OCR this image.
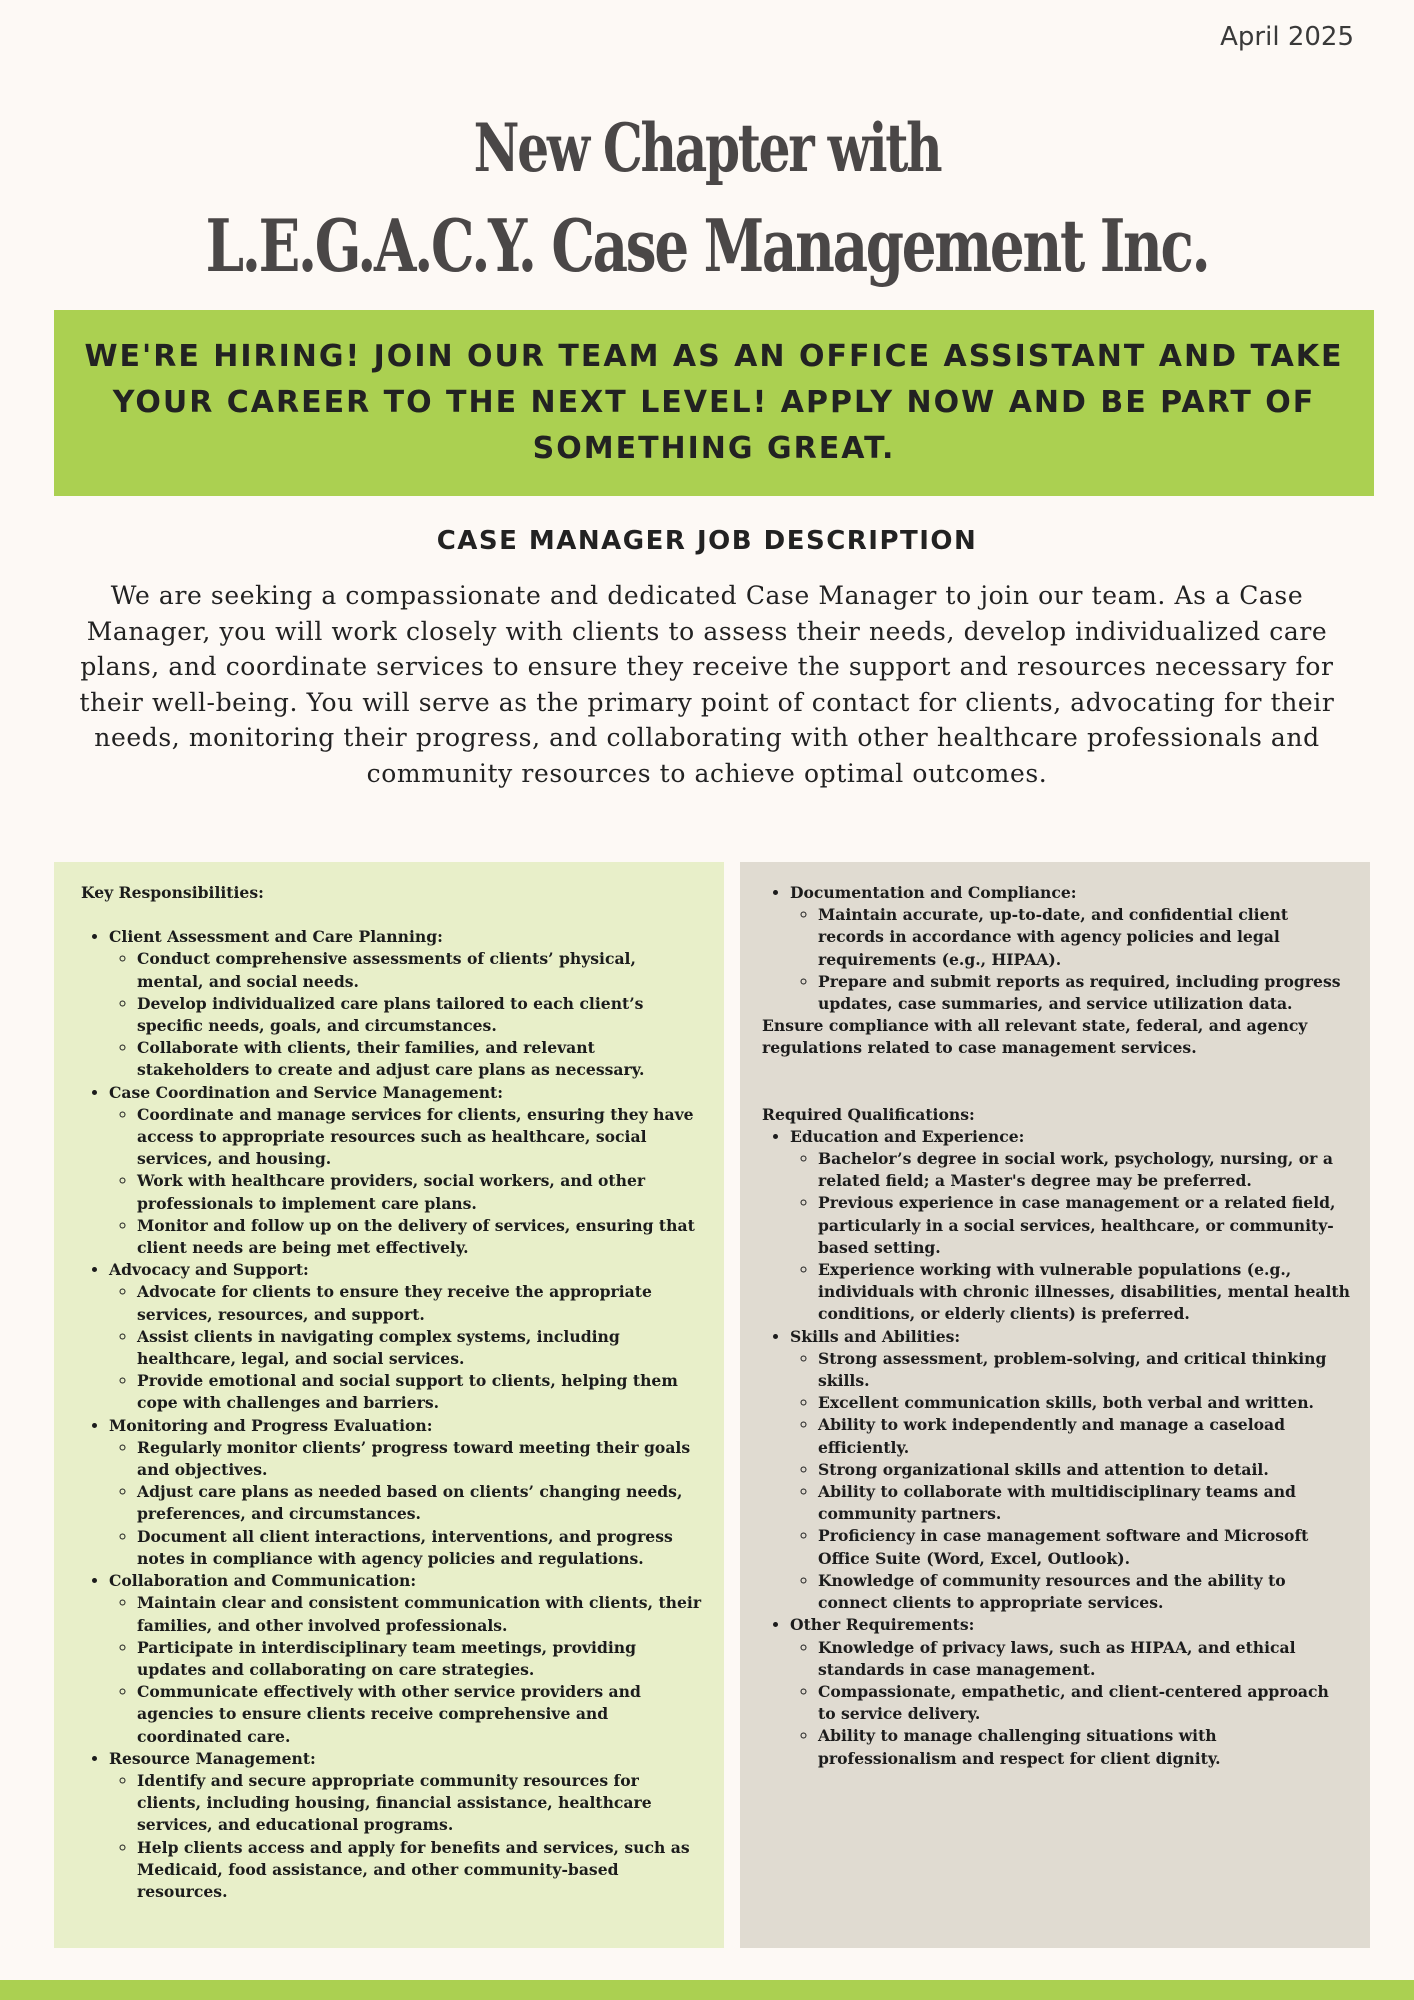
April 2025
New Chapter with
L.E.G.A.C.Y. Case Management Inc.

WE'RE HIRING! JOIN OUR TEAM AS AN OFFICE ASSISTANT AND TAKE YOUR CAREER TO THE NEXT LEVEL! APPLY NOW AND BE PART OF SOMETHING GREAT.

CASE MANAGER JOB DESCRIPTION

We are seeking a compassionate and dedicated Case Manager to join our team. As a Case Manager, you will work closely with clients to assess their needs, develop individualized care plans, and coordinate services to ensure they receive the support and resources necessary for their well-being. You will serve as the primary point of contact for clients, advocating for their needs, monitoring their progress, and collaborating with other healthcare professionals and community resources to achieve optimal outcomes.

Key Responsibilities:

• Client Assessment and Care Planning:
◦ Conduct comprehensive assessments of clients’ physical, mental, and social needs.
◦ Develop individualized care plans tailored to each client’s specific needs, goals, and circumstances.
◦ Collaborate with clients, their families, and relevant stakeholders to create and adjust care plans as necessary.
• Case Coordination and Service Management:
◦ Coordinate and manage services for clients, ensuring they have access to appropriate resources such as healthcare, social services, and housing.
◦ Work with healthcare providers, social workers, and other professionals to implement care plans.
◦ Monitor and follow up on the delivery of services, ensuring that client needs are being met effectively.
• Advocacy and Support:
◦ Advocate for clients to ensure they receive the appropriate services, resources, and support.
◦ Assist clients in navigating complex systems, including healthcare, legal, and social services.
◦ Provide emotional and social support to clients, helping them cope with challenges and barriers.
• Monitoring and Progress Evaluation:
◦ Regularly monitor clients’ progress toward meeting their goals and objectives.
◦ Adjust care plans as needed based on clients’ changing needs, preferences, and circumstances.
◦ Document all client interactions, interventions, and progress notes in compliance with agency policies and regulations.
• Collaboration and Communication:
◦ Maintain clear and consistent communication with clients, their families, and other involved professionals.
◦ Participate in interdisciplinary team meetings, providing updates and collaborating on care strategies.
◦ Communicate effectively with other service providers and agencies to ensure clients receive comprehensive and coordinated care.
• Resource Management:
◦ Identify and secure appropriate community resources for clients, including housing, financial assistance, healthcare services, and educational programs.
◦ Help clients access and apply for benefits and services, such as Medicaid, food assistance, and other community-based resources.
• Documentation and Compliance:
◦ Maintain accurate, up-to-date, and confidential client records in accordance with agency policies and legal requirements (e.g., HIPAA).
◦ Prepare and submit reports as required, including progress updates, case summaries, and service utilization data.

Ensure compliance with all relevant state, federal, and agency regulations related to case management services.

Required Qualifications:

• Education and Experience:
◦ Bachelor’s degree in social work, psychology, nursing, or a related field; a Master's degree may be preferred.
◦ Previous experience in case management or a related field, particularly in a social services, healthcare, or community-based setting.
◦ Experience working with vulnerable populations (e.g., individuals with chronic illnesses, disabilities, mental health conditions, or elderly clients) is preferred.
• Skills and Abilities:
◦ Strong assessment, problem-solving, and critical thinking skills.
◦ Excellent communication skills, both verbal and written.
◦ Ability to work independently and manage a caseload efficiently.
◦ Strong organizational skills and attention to detail.
◦ Ability to collaborate with multidisciplinary teams and community partners.
◦ Proficiency in case management software and Microsoft Office Suite (Word, Excel, Outlook).
◦ Knowledge of community resources and the ability to connect clients to appropriate services.
• Other Requirements:
◦ Knowledge of privacy laws, such as HIPAA, and ethical standards in case management.
◦ Compassionate, empathetic, and client-centered approach to service delivery.
◦ Ability to manage challenging situations with professionalism and respect for client dignity.
